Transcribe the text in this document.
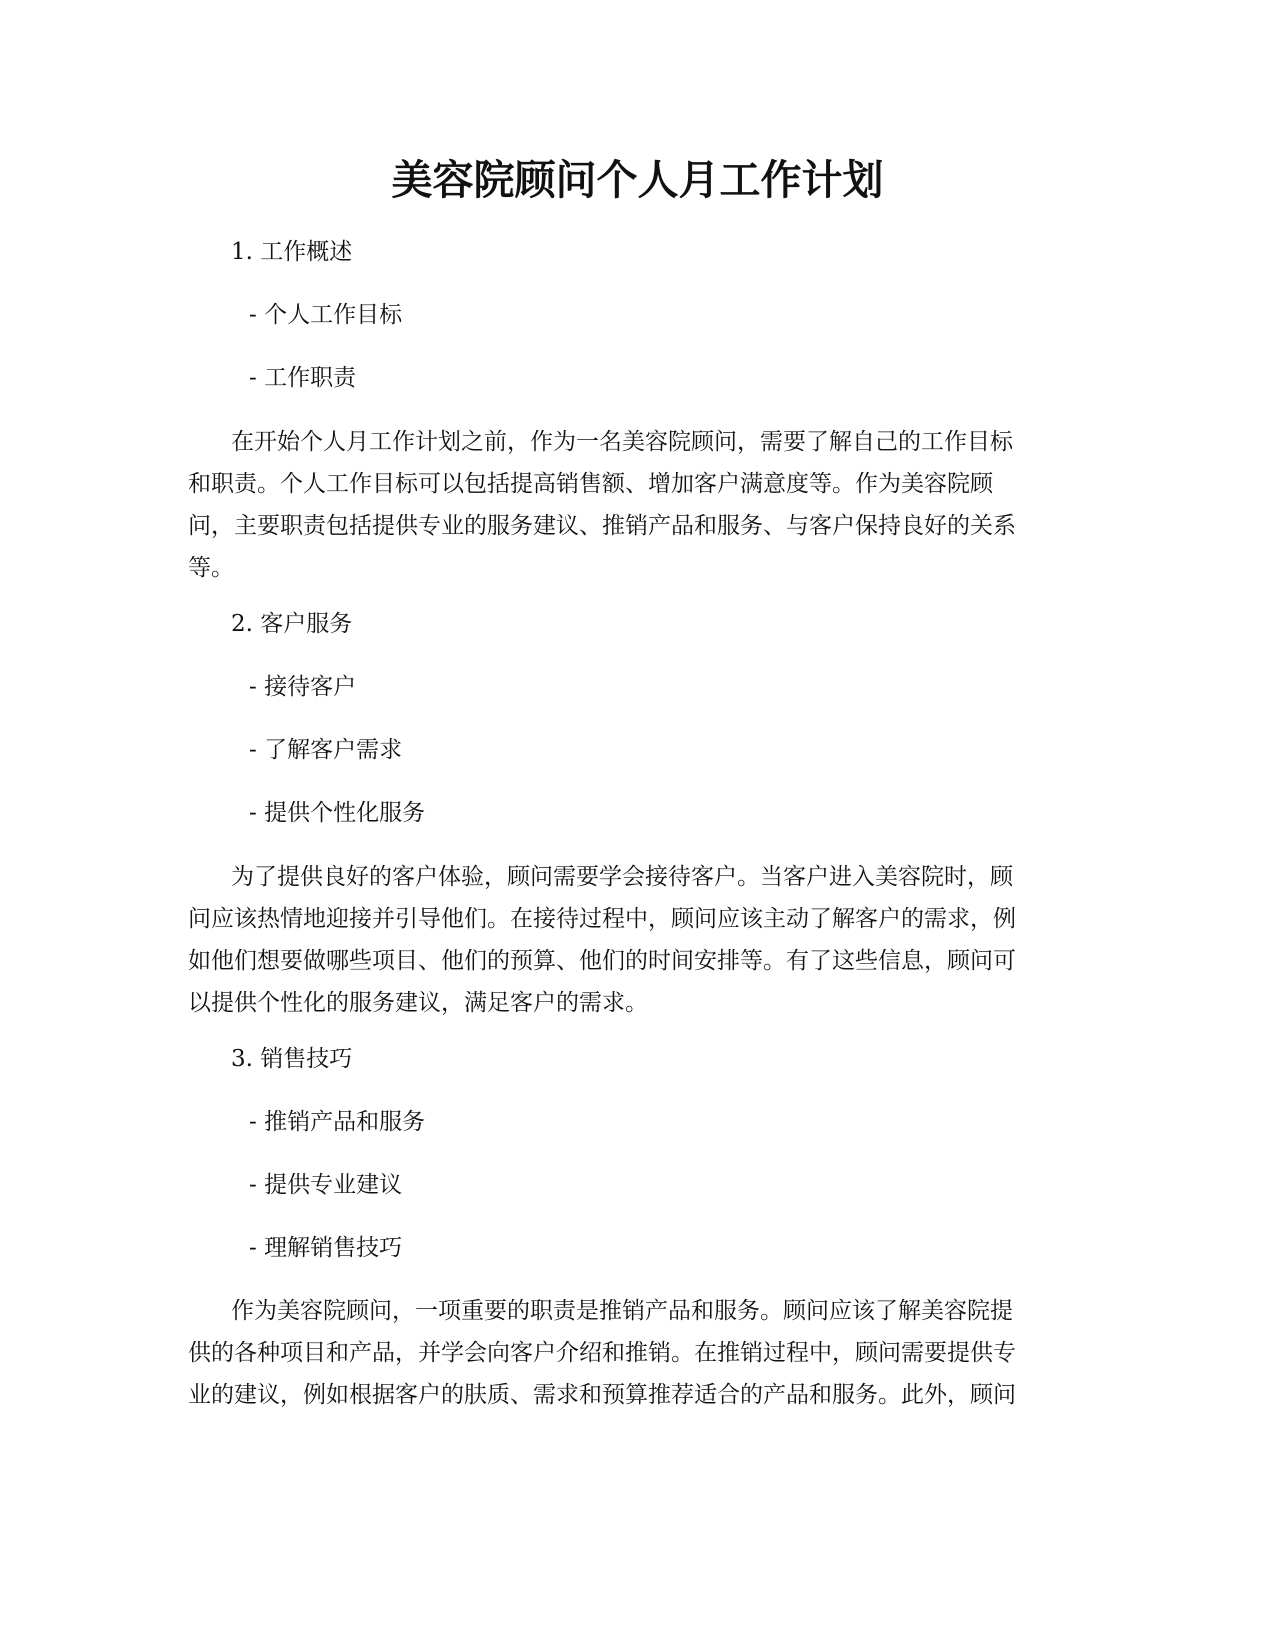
美容院顾问个人月工作计划

1. 工作概述

- 个人工作目标

- 工作职责

在开始个人月工作计划之前，作为一名美容院顾问，需要了解自己的工作目标
和职责。个人工作目标可以包括提高销售额、增加客户满意度等。作为美容院顾
问，主要职责包括提供专业的服务建议、推销产品和服务、与客户保持良好的关系
等。

2. 客户服务

- 接待客户

- 了解客户需求

- 提供个性化服务

为了提供良好的客户体验，顾问需要学会接待客户。当客户进入美容院时，顾
问应该热情地迎接并引导他们。在接待过程中，顾问应该主动了解客户的需求，例
如他们想要做哪些项目、他们的预算、他们的时间安排等。有了这些信息，顾问可
以提供个性化的服务建议，满足客户的需求。

3. 销售技巧

- 推销产品和服务

- 提供专业建议

- 理解销售技巧

作为美容院顾问，一项重要的职责是推销产品和服务。顾问应该了解美容院提
供的各种项目和产品，并学会向客户介绍和推销。在推销过程中，顾问需要提供专
业的建议，例如根据客户的肤质、需求和预算推荐适合的产品和服务。此外，顾问
